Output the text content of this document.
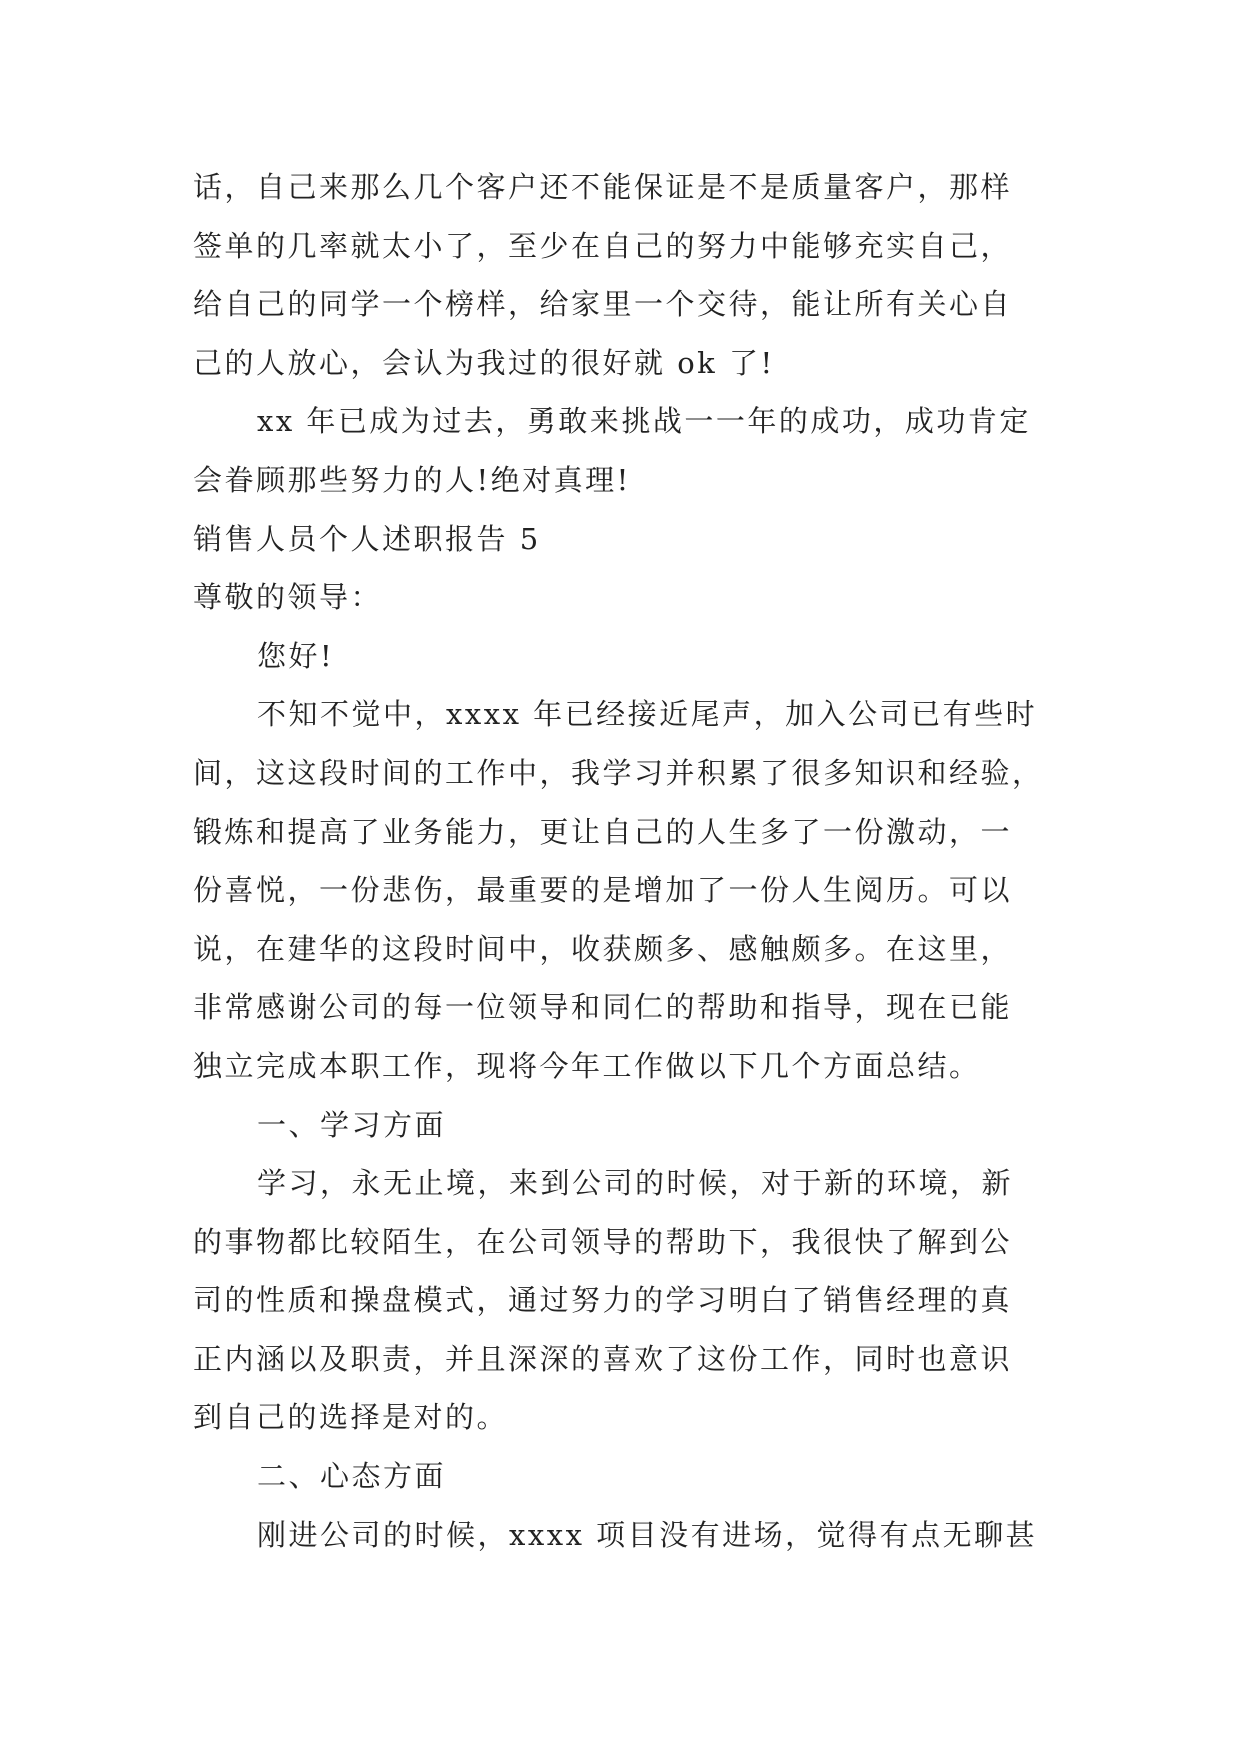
话，自己来那么几个客户还不能保证是不是质量客户，那样
签单的几率就太小了，至少在自己的努力中能够充实自己，
给自己的同学一个榜样，给家里一个交待，能让所有关心自
己的人放心，会认为我过的很好就 ok 了!
xx 年已成为过去，勇敢来挑战一一年的成功，成功肯定
会眷顾那些努力的人!绝对真理!
销售人员个人述职报告 5
尊敬的领导：
您好!
不知不觉中，xxxx 年已经接近尾声，加入公司已有些时
间，这这段时间的工作中，我学习并积累了很多知识和经验，
锻炼和提高了业务能力，更让自己的人生多了一份激动，一
份喜悦，一份悲伤，最重要的是增加了一份人生阅历。可以
说，在建华的这段时间中，收获颇多、感触颇多。在这里，
非常感谢公司的每一位领导和同仁的帮助和指导，现在已能
独立完成本职工作，现将今年工作做以下几个方面总结。
一、学习方面
学习，永无止境，来到公司的时候，对于新的环境，新
的事物都比较陌生，在公司领导的帮助下，我很快了解到公
司的性质和操盘模式，通过努力的学习明白了销售经理的真
正内涵以及职责，并且深深的喜欢了这份工作，同时也意识
到自己的选择是对的。
二、心态方面
刚进公司的时候，xxxx 项目没有进场，觉得有点无聊甚
